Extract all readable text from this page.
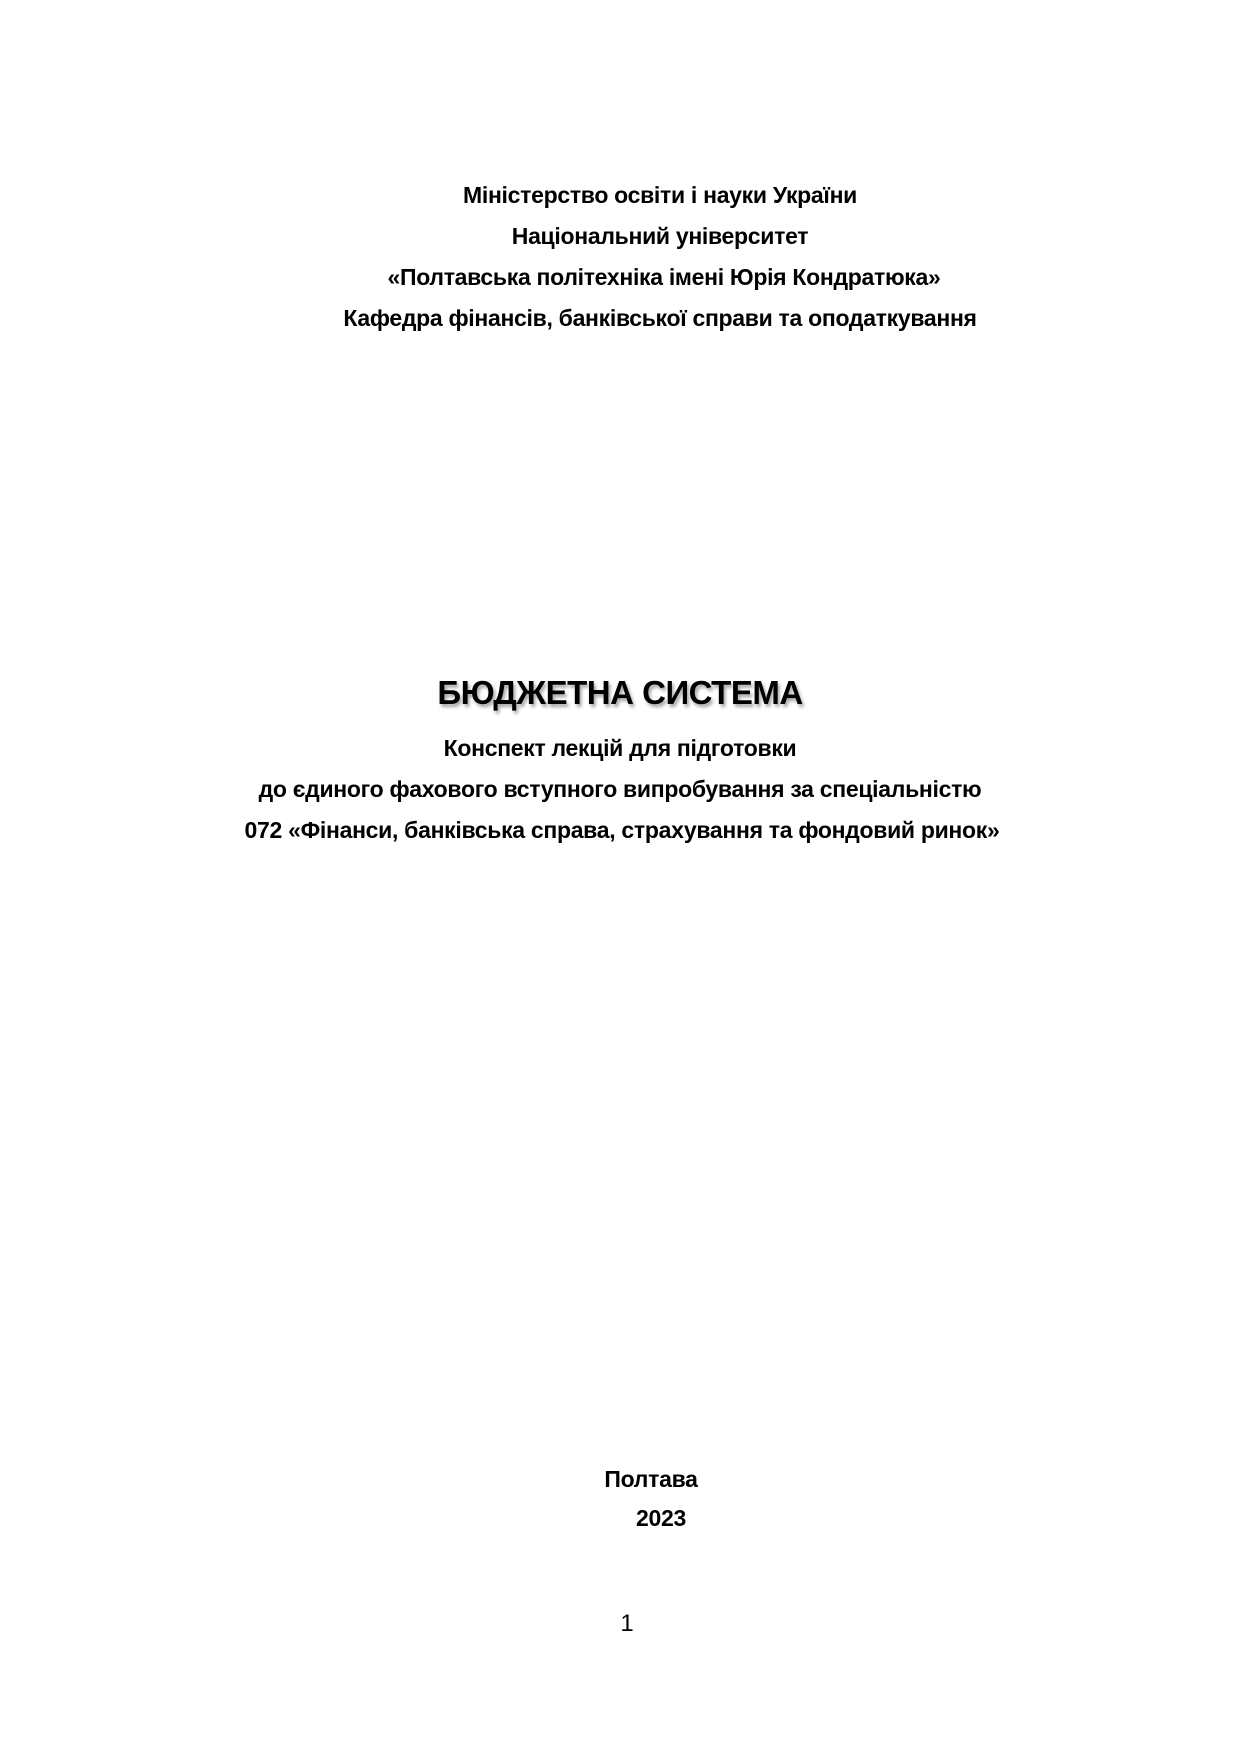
Міністерство освіти і науки України
Національний університет
«Полтавська політехніка імені Юрія Кондратюка»
Кафедра фінансів, банківської справи та оподаткування
БЮДЖЕТНА СИСТЕМА
Конспект лекцій для підготовки
до єдиного фахового вступного випробування за спеціальністю
072 «Фінанси, банківська справа, страхування та фондовий ринок»
Полтава
2023
1
